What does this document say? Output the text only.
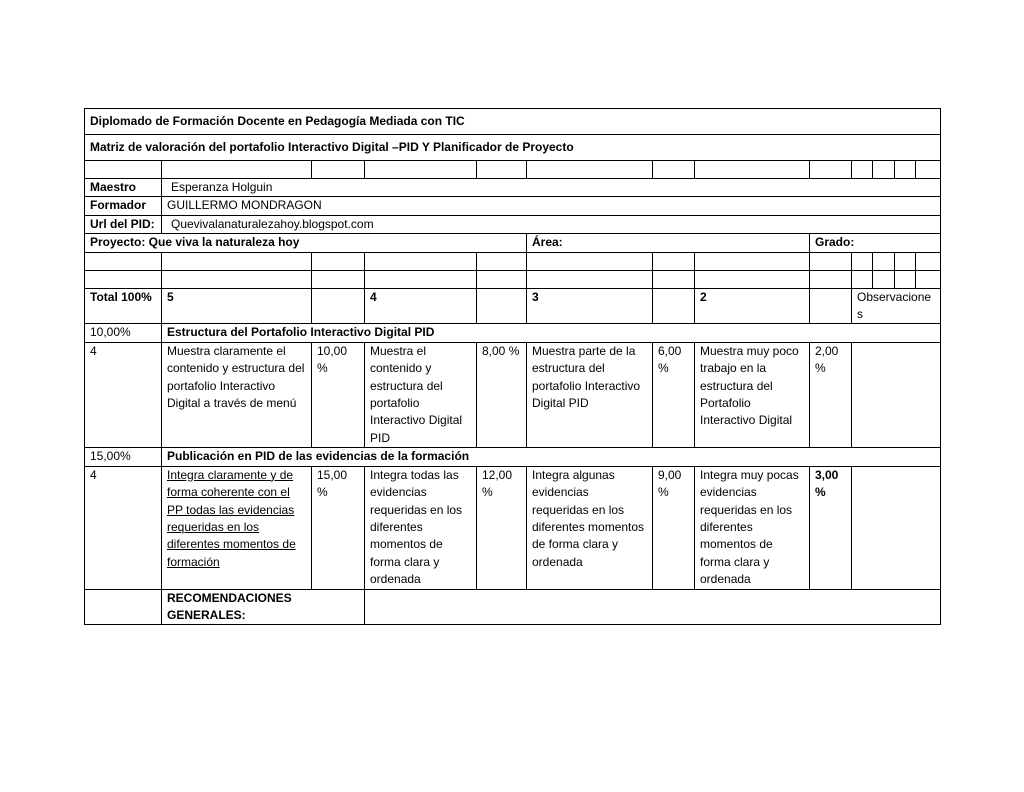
Diplomado de Formación Docente en Pedagogía Mediada con TIC												
Matriz de valoración del portafolio Interactivo Digital –PID Y Planificador de Proyecto												

Maestro	Esperanza Holguin											
Formador	GUILLERMO MONDRAGON											
Url del PID:	Quevivalanaturalezahoy.blogspot.com											
Proyecto: Que viva la naturaleza hoy					Área:			Grado:				

Total 100%	5		4		3		2		Observaciones			
10,00%	Estructura del Portafolio Interactivo Digital PID											
4	Muestra claramente el contenido y estructura del portafolio Interactivo Digital a través de menú	10,00 %	Muestra el contenido y estructura del portafolio Interactivo Digital PID	8,00 %	Muestra parte de la estructura del portafolio Interactivo Digital PID	6,00 %	Muestra muy poco trabajo en la estructura del Portafolio Interactivo Digital	2,00 %				
15,00%	Publicación en PID de las evidencias de la formación											
4	Integra claramente y de forma coherente con el PP todas las evidencias requeridas en los diferentes momentos de formación	15,00 %	Integra todas las evidencias requeridas en los diferentes momentos de forma clara y ordenada	12,00 %	Integra algunas evidencias requeridas en los diferentes momentos de forma clara y ordenada	9,00 %	Integra muy pocas evidencias requeridas en los diferentes momentos de forma clara y ordenada	3,00 %				
	RECOMENDACIONES GENERALES:											
